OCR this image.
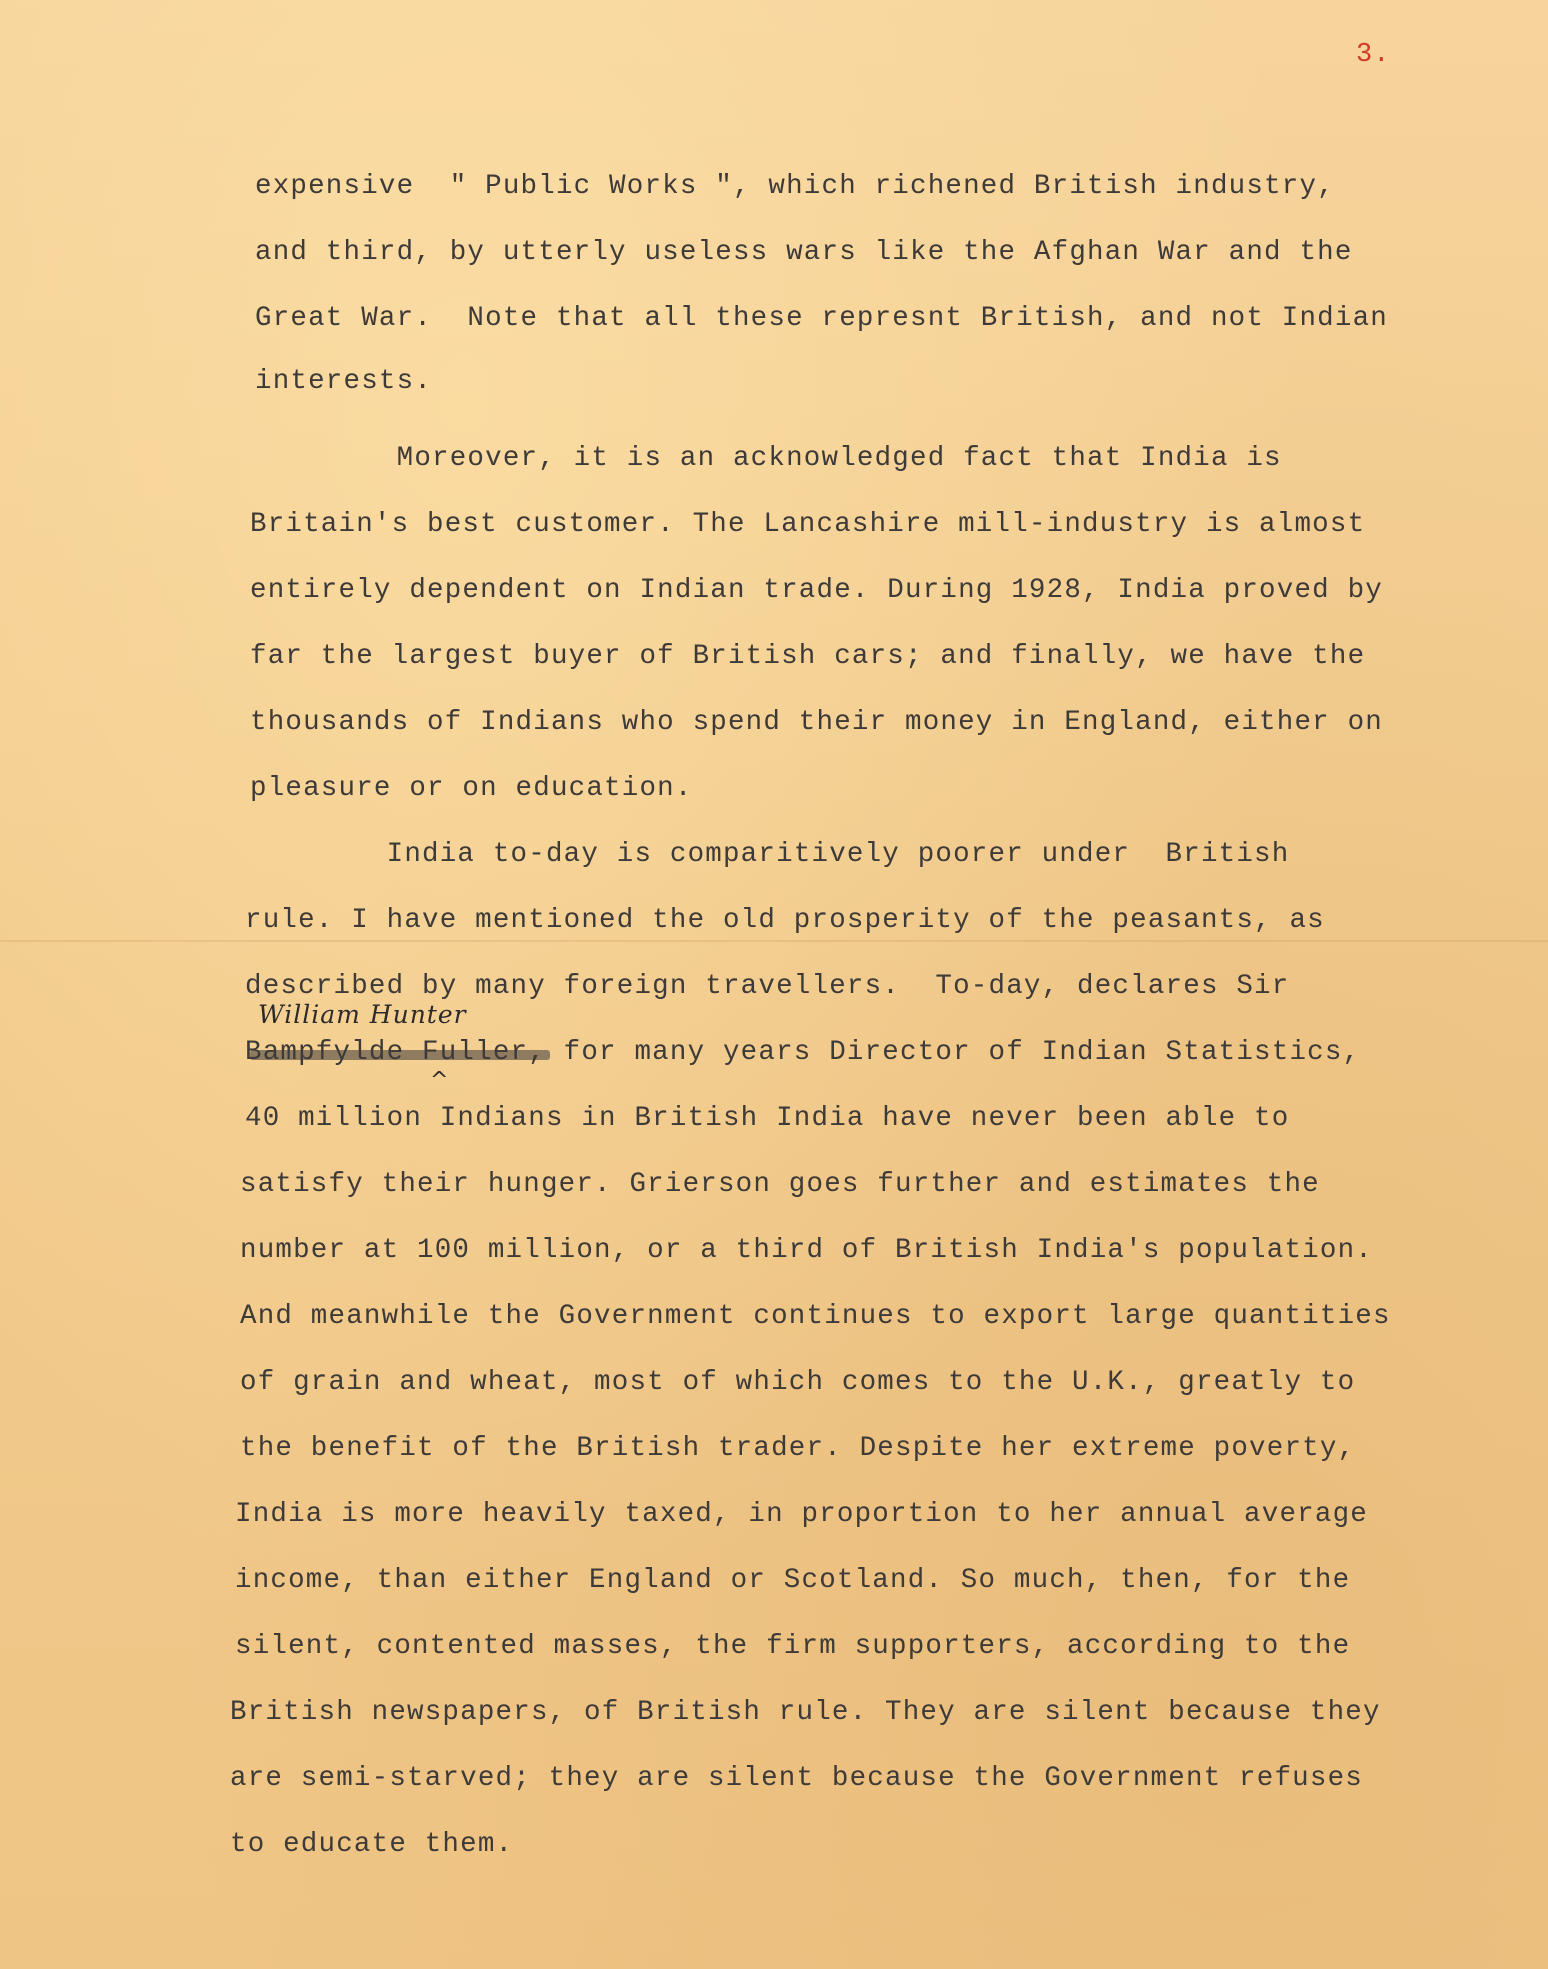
3.
expensive  " Public Works ", which richened British industry,
and third, by utterly useless wars like the Afghan War and the
Great War.  Note that all these represnt British, and not Indian
interests.
Moreover, it is an acknowledged fact that India is
Britain's best customer. The Lancashire mill-industry is almost
entirely dependent on Indian trade. During 1928, India proved by
far the largest buyer of British cars; and finally, we have the
thousands of Indians who spend their money in England, either on
pleasure or on education.
India to-day is comparitively poorer under  British
rule. I have mentioned the old prosperity of the peasants, as
described by many foreign travellers.  To-day, declares Sir
William Hunter
^
Bampfylde Fuller, for many years Director of Indian Statistics,
40 million Indians in British India have never been able to
satisfy their hunger. Grierson goes further and estimates the
number at 100 million, or a third of British India's population.
And meanwhile the Government continues to export large quantities
of grain and wheat, most of which comes to the U.K., greatly to
the benefit of the British trader. Despite her extreme poverty,
India is more heavily taxed, in proportion to her annual average
income, than either England or Scotland. So much, then, for the
silent, contented masses, the firm supporters, according to the
British newspapers, of British rule. They are silent because they
are semi-starved; they are silent because the Government refuses
to educate them.
